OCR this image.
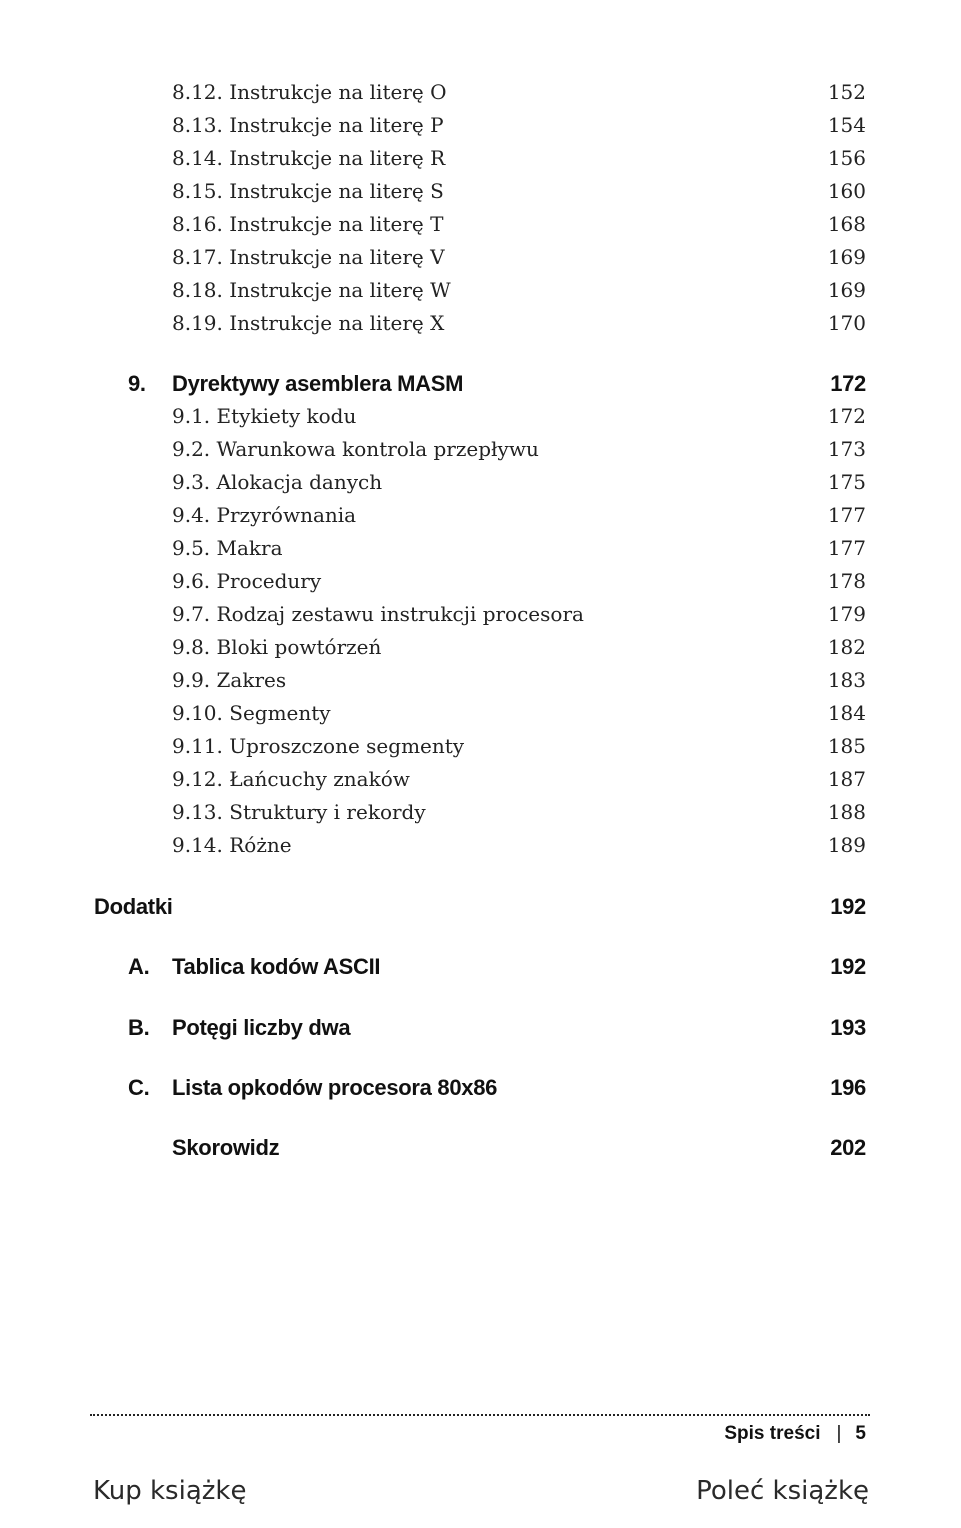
8.12. Instrukcje na literę O	152
8.13. Instrukcje na literę P	154
8.14. Instrukcje na literę R	156
8.15. Instrukcje na literę S	160
8.16. Instrukcje na literę T	168
8.17. Instrukcje na literę V	169
8.18. Instrukcje na literę W	169
8.19. Instrukcje na literę X	170
9. Dyrektywy asemblera MASM	172
9.1. Etykiety kodu	172
9.2. Warunkowa kontrola przepływu	173
9.3. Alokacja danych	175
9.4. Przyrównania	177
9.5. Makra	177
9.6. Procedury	178
9.7. Rodzaj zestawu instrukcji procesora	179
9.8. Bloki powtórzeń	182
9.9. Zakres	183
9.10. Segmenty	184
9.11. Uproszczone segmenty	185
9.12. Łańcuchy znaków	187
9.13. Struktury i rekordy	188
9.14. Różne	189
Dodatki	192
A. Tablica kodów ASCII	192
B. Potęgi liczby dwa	193
C. Lista opkodów procesora 80x86	196
Skorowidz	202
Spis treści | 5
Kup książkę	Poleć książkę
